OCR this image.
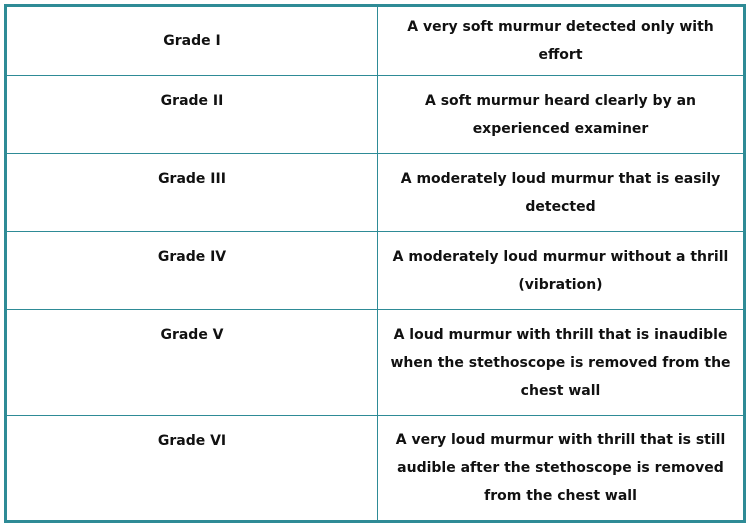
Grade I	A very soft murmur detected only with effort
Grade II	A soft murmur heard clearly by an experienced examiner
Grade III	A moderately loud murmur that is easily detected
Grade IV	A moderately loud murmur without a thrill (vibration)
Grade V	A loud murmur with thrill that is inaudible when the stethoscope is removed from the chest wall
Grade VI	A very loud murmur with thrill that is still audible after the stethoscope is removed from the chest wall
